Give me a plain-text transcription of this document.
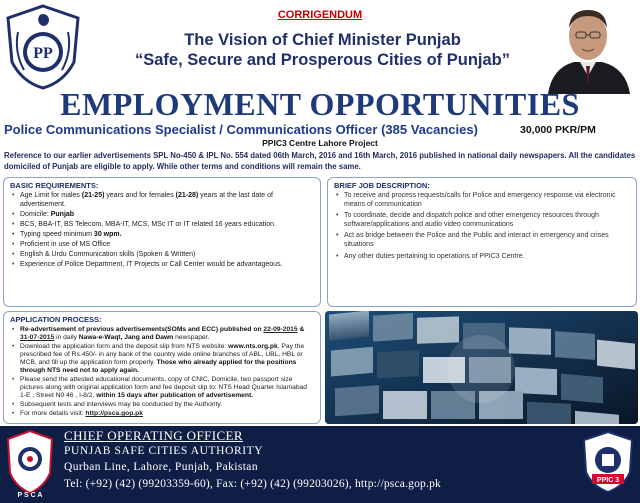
PP
CORRIGENDUM
The Vision of Chief Minister Punjab
“Safe, Secure and Prosperous Cities of Punjab”
EMPLOYMENT OPPORTUNITIES
Police Communications Specialist / Communications Officer (385 Vacancies)	30,000 PKR/PM
PPIC3 Centre Lahore Project
Reference to our earlier advertisements SPL No-450 & IPL No. 554 dated 06th March, 2016 and 16th March, 2016 published in national daily newspapers. All the candidates domiciled of Punjab are eligible to apply. While other terms and conditions will remain the same.
BASIC REQUIREMENTS:
• Age Limit for males (21-25) years and for females (21-28) years at the last date of advertisement.
• Domicile: Punjab
• BCS, BBA-IT, BS Telecom, MBA-IT, MCS, MSc IT or IT related 16 years education.
• Typing speed minimum 30 wpm.
• Proficient in use of MS Office
• English & Urdu Communication skills (Spoken & Written)
• Experience of Police Department, IT Projects or Call Center would be advantageous.
BRIEF JOB DESCRIPTION:
• To receive and process requests/calls for Police and emergency response via electronic means of communication
• To coordinate, decide and dispatch police and other emergency resources through software/applications and audio video communications
• Act as bridge between the Police and the Public and interact in emergency and crises situations
• Any other duties pertaining to operations of PPIC3 Centre.
APPLICATION PROCESS:
• Re-advertisement of previous advertisements(SOMs and ECC) published on 22-09-2015 & 31-07-2015 in daily Nawa-e-Waqt, Jang and Dawn newspaper.
• Download the application form and the deposit slip from NTS website: www.nts.org.pk. Pay the prescribed fee of Rs.450/- in any bank of the country wide online branches of ABL, UBL, HBL or MCB, and fill up the application form properly. Those who already applied for the positions through NTS need not to apply again.
• Please send the attested educational documents, copy of CNIC, Domicile, two passport size pictures along with original application form and fee deposit slip to: NTS Head Quarter Islamabad 1-E , Street N0 46 , I-8/2, within 15 days after publication of advertisement.
• Subsequent tests and interviews may be conducted by the Authority.
• For more details visit: http://psca.gop.pk
P S C A
CHIEF OPERATING OFFICER
PUNJAB SAFE CITIES AUTHORITY
Qurban Line, Lahore, Punjab, Pakistan
Tel: (+92) (42) (99203359-60), Fax: (+92) (42) (99203026), http://psca.gop.pk	PPIC 3
